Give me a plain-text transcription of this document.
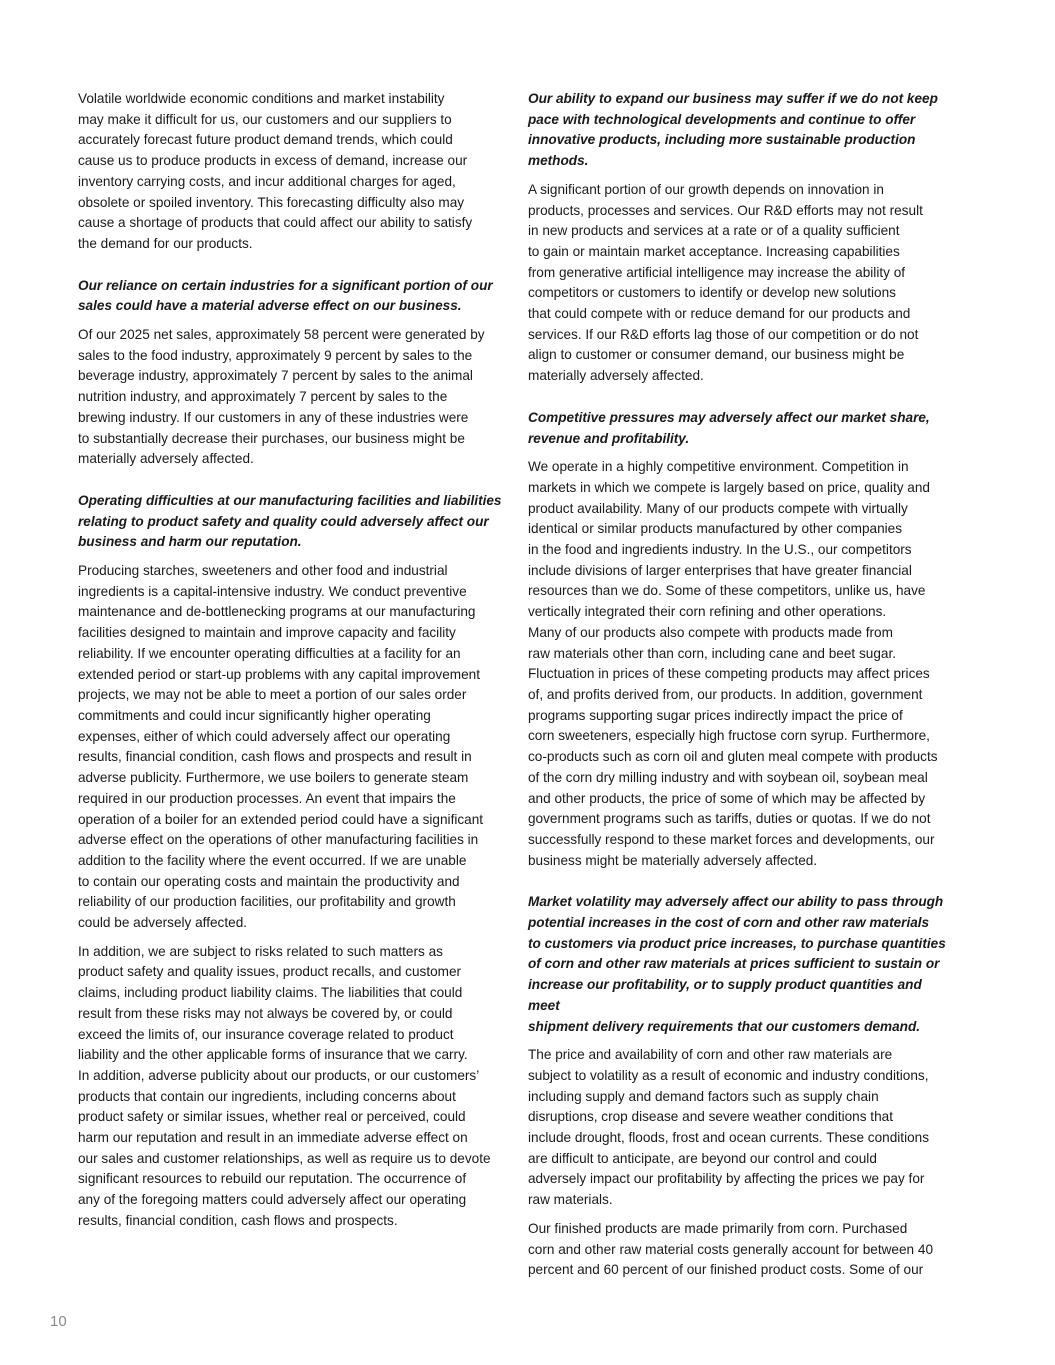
Volatile worldwide economic conditions and market instability
may make it difficult for us, our customers and our suppliers to
accurately forecast future product demand trends, which could
cause us to produce products in excess of demand, increase our
inventory carrying costs, and incur additional charges for aged,
obsolete or spoiled inventory. This forecasting difficulty also may
cause a shortage of products that could affect our ability to satisfy
the demand for our products.

Our reliance on certain industries for a significant portion of our
sales could have a material adverse effect on our business.

Of our 2025 net sales, approximately 58 percent were generated by
sales to the food industry, approximately 9 percent by sales to the
beverage industry, approximately 7 percent by sales to the animal
nutrition industry, and approximately 7 percent by sales to the
brewing industry. If our customers in any of these industries were
to substantially decrease their purchases, our business might be
materially adversely affected.

Operating difficulties at our manufacturing facilities and liabilities
relating to product safety and quality could adversely affect our
business and harm our reputation.

Producing starches, sweeteners and other food and industrial
ingredients is a capital-intensive industry. We conduct preventive
maintenance and de-bottlenecking programs at our manufacturing
facilities designed to maintain and improve capacity and facility
reliability. If we encounter operating difficulties at a facility for an
extended period or start-up problems with any capital improvement
projects, we may not be able to meet a portion of our sales order
commitments and could incur significantly higher operating
expenses, either of which could adversely affect our operating
results, financial condition, cash flows and prospects and result in
adverse publicity. Furthermore, we use boilers to generate steam
required in our production processes. An event that impairs the
operation of a boiler for an extended period could have a significant
adverse effect on the operations of other manufacturing facilities in
addition to the facility where the event occurred. If we are unable
to contain our operating costs and maintain the productivity and
reliability of our production facilities, our profitability and growth
could be adversely affected.

In addition, we are subject to risks related to such matters as
product safety and quality issues, product recalls, and customer
claims, including product liability claims. The liabilities that could
result from these risks may not always be covered by, or could
exceed the limits of, our insurance coverage related to product
liability and the other applicable forms of insurance that we carry.
In addition, adverse publicity about our products, or our customers’
products that contain our ingredients, including concerns about
product safety or similar issues, whether real or perceived, could
harm our reputation and result in an immediate adverse effect on
our sales and customer relationships, as well as require us to devote
significant resources to rebuild our reputation. The occurrence of
any of the foregoing matters could adversely affect our operating
results, financial condition, cash flows and prospects.

Our ability to expand our business may suffer if we do not keep
pace with technological developments and continue to offer
innovative products, including more sustainable production
methods.

A significant portion of our growth depends on innovation in
products, processes and services. Our R&D efforts may not result
in new products and services at a rate or of a quality sufficient
to gain or maintain market acceptance. Increasing capabilities
from generative artificial intelligence may increase the ability of
competitors or customers to identify or develop new solutions
that could compete with or reduce demand for our products and
services. If our R&D efforts lag those of our competition or do not
align to customer or consumer demand, our business might be
materially adversely affected.

Competitive pressures may adversely affect our market share,
revenue and profitability.

We operate in a highly competitive environment. Competition in
markets in which we compete is largely based on price, quality and
product availability. Many of our products compete with virtually
identical or similar products manufactured by other companies
in the food and ingredients industry. In the U.S., our competitors
include divisions of larger enterprises that have greater financial
resources than we do. Some of these competitors, unlike us, have
vertically integrated their corn refining and other operations.
Many of our products also compete with products made from
raw materials other than corn, including cane and beet sugar.
Fluctuation in prices of these competing products may affect prices
of, and profits derived from, our products. In addition, government
programs supporting sugar prices indirectly impact the price of
corn sweeteners, especially high fructose corn syrup. Furthermore,
co-products such as corn oil and gluten meal compete with products
of the corn dry milling industry and with soybean oil, soybean meal
and other products, the price of some of which may be affected by
government programs such as tariffs, duties or quotas. If we do not
successfully respond to these market forces and developments, our
business might be materially adversely affected.

Market volatility may adversely affect our ability to pass through
potential increases in the cost of corn and other raw materials
to customers via product price increases, to purchase quantities
of corn and other raw materials at prices sufficient to sustain or
increase our profitability, or to supply product quantities and meet
shipment delivery requirements that our customers demand.

The price and availability of corn and other raw materials are
subject to volatility as a result of economic and industry conditions,
including supply and demand factors such as supply chain
disruptions, crop disease and severe weather conditions that
include drought, floods, frost and ocean currents. These conditions
are difficult to anticipate, are beyond our control and could
adversely impact our profitability by affecting the prices we pay for
raw materials.

Our finished products are made primarily from corn. Purchased
corn and other raw material costs generally account for between 40
percent and 60 percent of our finished product costs. Some of our

10
